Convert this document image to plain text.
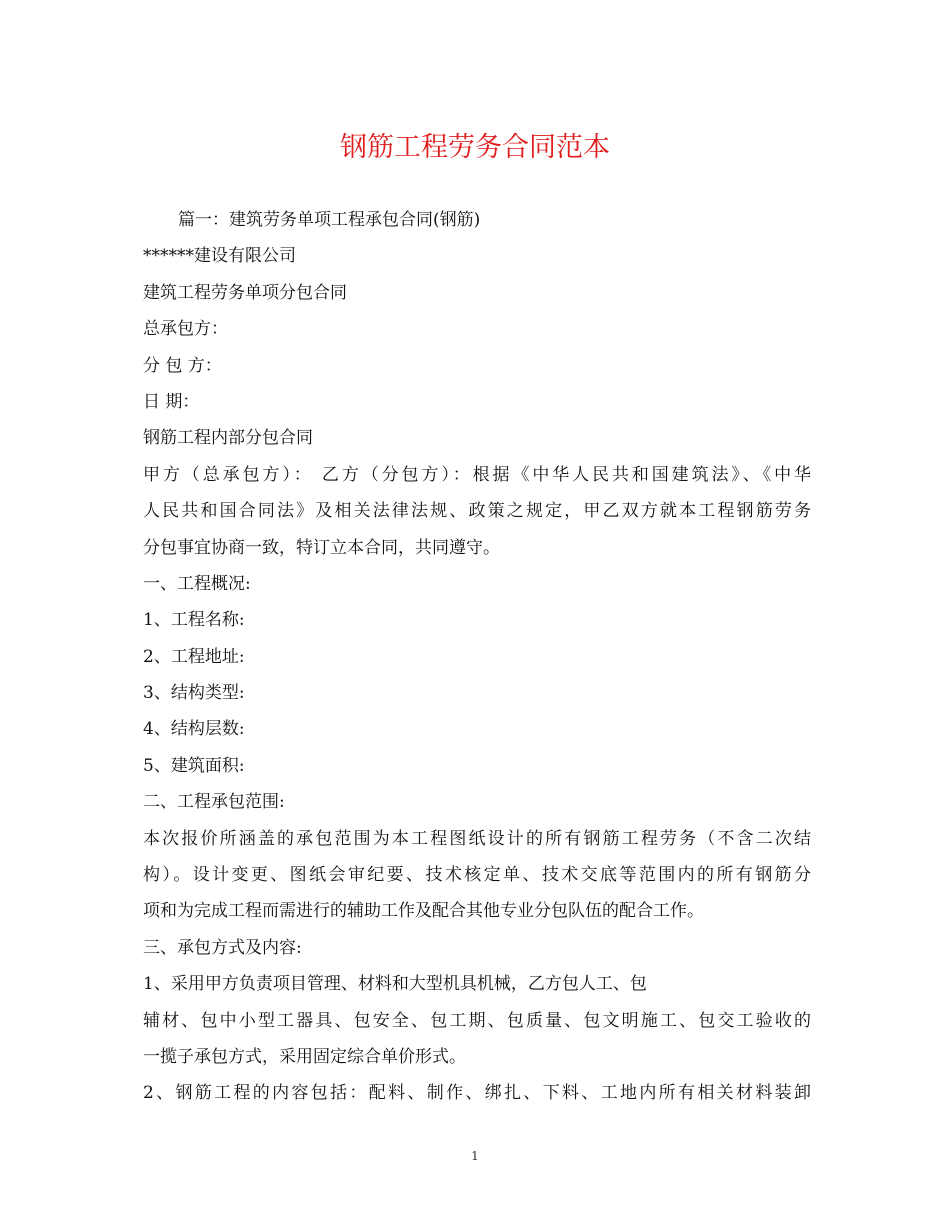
钢筋工程劳务合同范本
篇一：建筑劳务单项工程承包合同(钢筋)
******建设有限公司
建筑工程劳务单项分包合同
总承包方：
分 包 方：
日 期：
钢筋工程内部分包合同
甲方（总承包方）： 乙方（分包方）：根据《中华人民共和国建筑法》、《中华
人民共和国合同法》及相关法律法规、政策之规定，甲乙双方就本工程钢筋劳务
分包事宜协商一致，特订立本合同，共同遵守。
一、工程概况:
1、工程名称:
2、工程地址:
3、结构类型:
4、结构层数:
5、建筑面积:
二、工程承包范围:
本次报价所涵盖的承包范围为本工程图纸设计的所有钢筋工程劳务（不含二次结
构）。设计变更、图纸会审纪要、技术核定单、技术交底等范围内的所有钢筋分
项和为完成工程而需进行的辅助工作及配合其他专业分包队伍的配合工作。
三、承包方式及内容:
1、采用甲方负责项目管理、材料和大型机具机械，乙方包人工、包
辅材、包中小型工器具、包安全、包工期、包质量、包文明施工、包交工验收的
一揽子承包方式，采用固定综合单价形式。
2、钢筋工程的内容包括：配料、制作、绑扎、下料、工地内所有相关材料装卸
1
